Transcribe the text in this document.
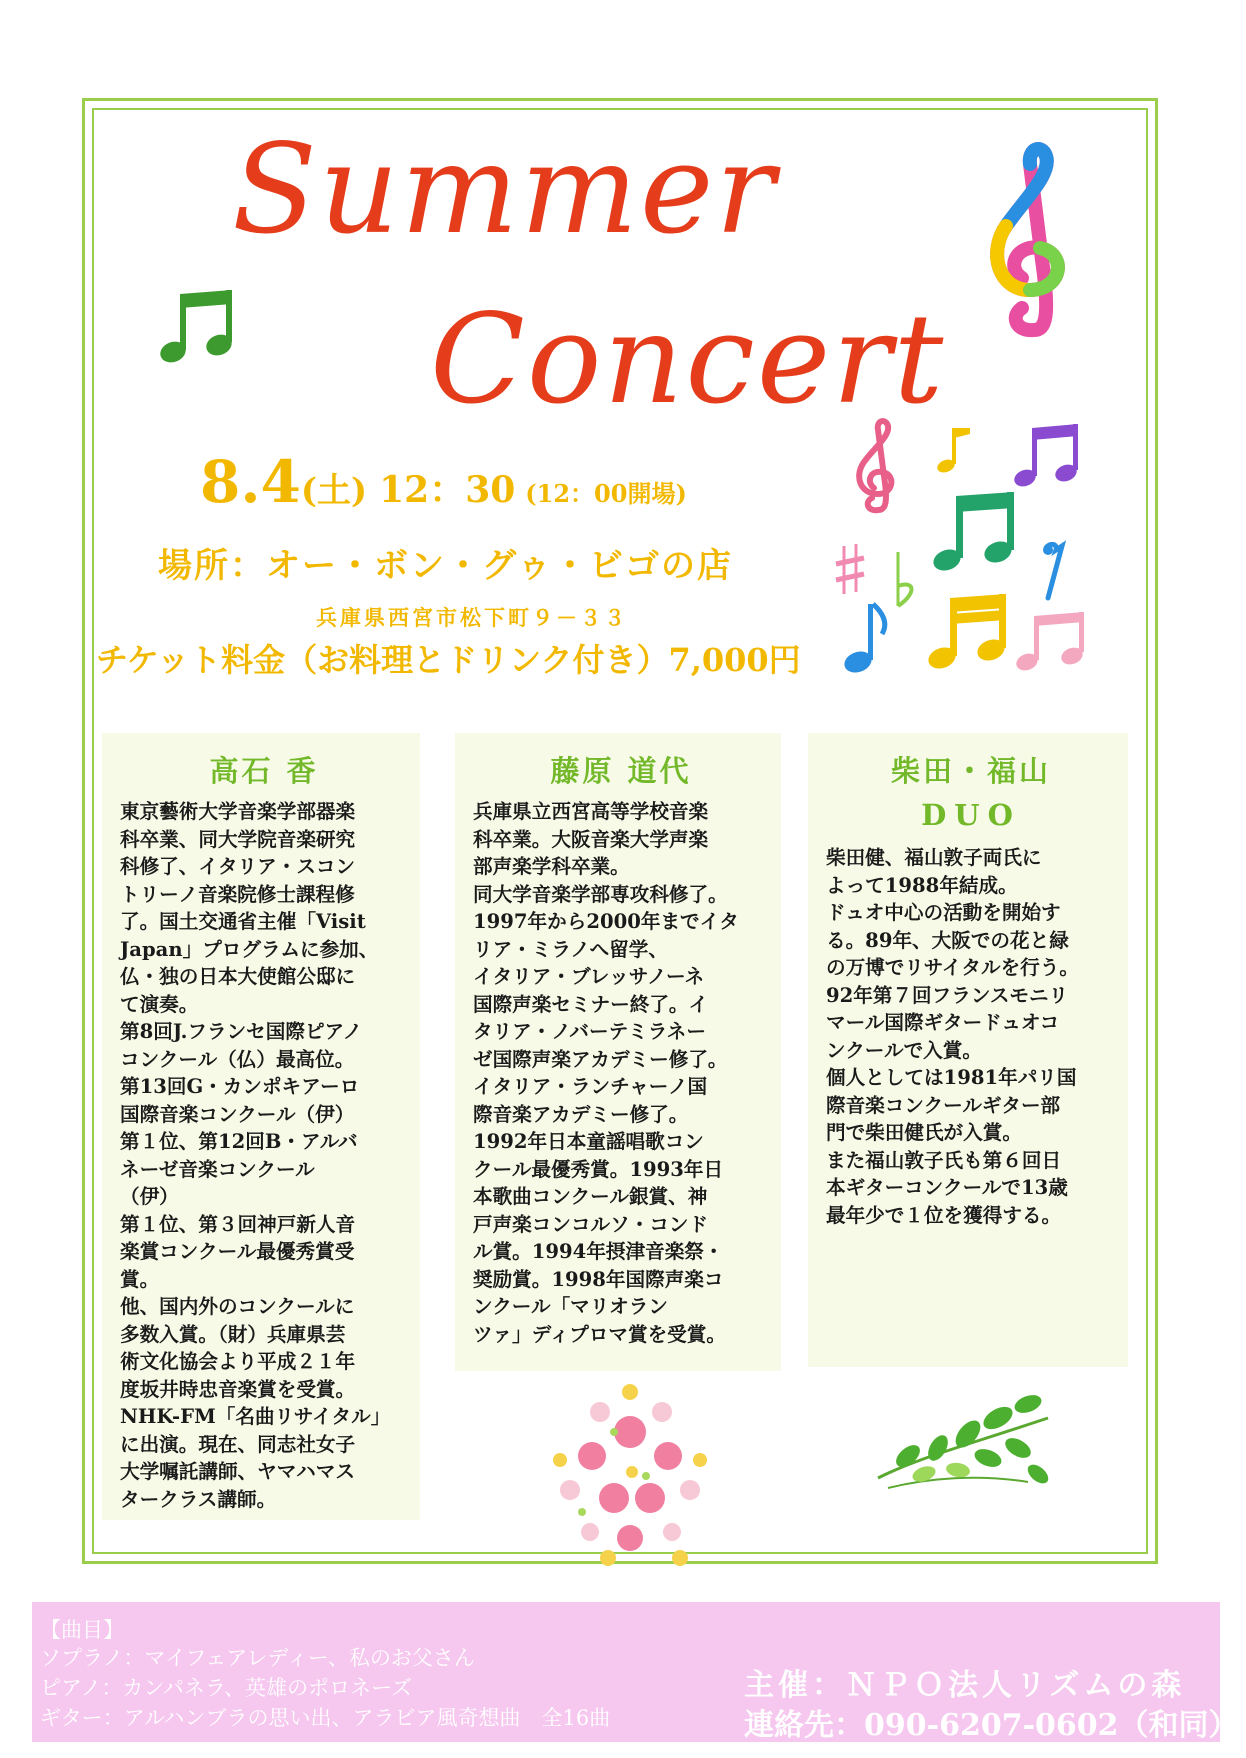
Summer
Concert
8.4(土) 12：30 (12：00開場)
場所：オー・ボン・グゥ・ビゴの店
兵庫県西宮市松下町９－３３
チケット料金（お料理とドリンク付き）7,000円
高石 香
東京藝術大学音楽学部器楽
科卒業、同大学院音楽研究
科修了、イタリア・スコン
トリーノ音楽院修士課程修
了。国土交通省主催「Visit
Japan」プログラムに参加、
仏・独の日本大使館公邸に
て演奏。
第8回J.フランセ国際ピアノ
コンクール（仏）最高位。
第13回G・カンポキアーロ
国際音楽コンクール（伊）
第１位、第12回B・アルバ
ネーゼ音楽コンクール
（伊）
第１位、第３回神戸新人音
楽賞コンクール最優秀賞受
賞。
他、国内外のコンクールに
多数入賞。（財）兵庫県芸
術文化協会より平成２１年
度坂井時忠音楽賞を受賞。
NHK-FM「名曲リサイタル」
に出演。現在、同志社女子
大学嘱託講師、ヤマハマス
タークラス講師。
藤原 道代
兵庫県立西宮高等学校音楽
科卒業。大阪音楽大学声楽
部声楽学科卒業。
同大学音楽学部専攻科修了。
1997年から2000年までイタ
リア・ミラノへ留学、
イタリア・ブレッサノーネ
国際声楽セミナー終了。イ
タリア・ノバーテミラネー
ゼ国際声楽アカデミー修了。
イタリア・ランチャーノ国
際音楽アカデミー修了。
1992年日本童謡唱歌コン
クール最優秀賞。1993年日
本歌曲コンクール銀賞、神
戸声楽コンコルソ・コンド
ル賞。1994年摂津音楽祭・
奨励賞。1998年国際声楽コ
ンクール「マリオラン
ツァ」ディプロマ賞を受賞。
柴田・福山
DUO
柴田健、福山敦子両氏に
よって1988年結成。
ドュオ中心の活動を開始す
る。89年、大阪での花と緑
の万博でリサイタルを行う。
92年第７回フランスモニリ
マール国際ギタードュオコ
ンクールで入賞。
個人としては1981年パリ国
際音楽コンクールギター部
門で柴田健氏が入賞。
また福山敦子氏も第６回日
本ギターコンクールで13歳
最年少で１位を獲得する。
【曲目】
ソプラノ：マイフェアレディー、私のお父さん
ピアノ：カンパネラ、英雄のポロネーズ
ギター：アルハンブラの思い出、アラビア風奇想曲　全16曲
主催：ＮＰＯ法人リズムの森
連絡先：090-6207-0602（和同）
